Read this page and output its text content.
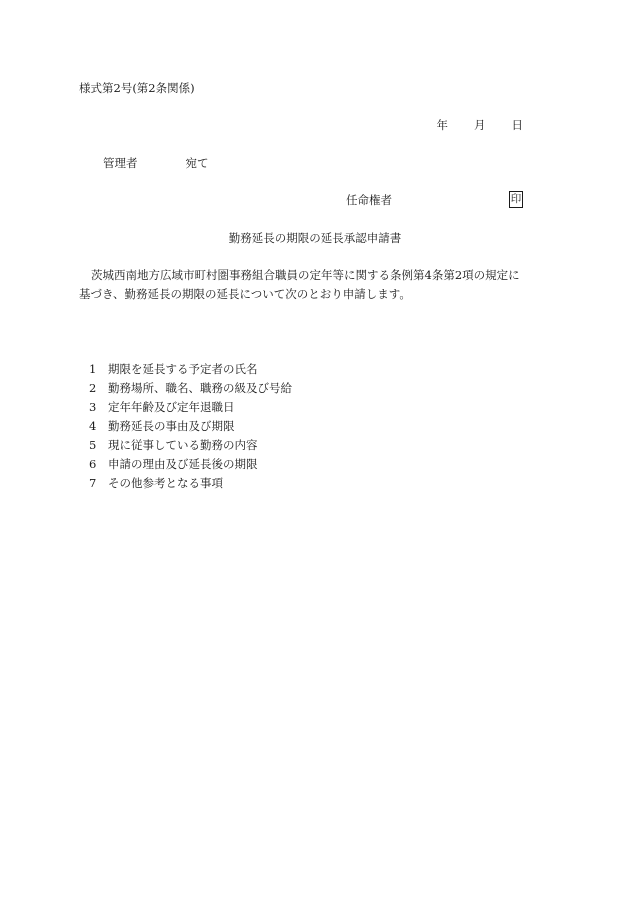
様式第2号(第2条関係)
年 月 日
管理者	宛て
任命権者	印
勤務延長の期限の延長承認申請書
茨城西南地方広域市町村圏事務組合職員の定年等に関する条例第4条第2項の規定に基づき、勤務延長の期限の延長について次のとおり申請します。
1	期限を延長する予定者の氏名
2	勤務場所、職名、職務の級及び号給
3	定年年齢及び定年退職日
4	勤務延長の事由及び期限
5	現に従事している勤務の内容
6	申請の理由及び延長後の期限
7	その他参考となる事項
